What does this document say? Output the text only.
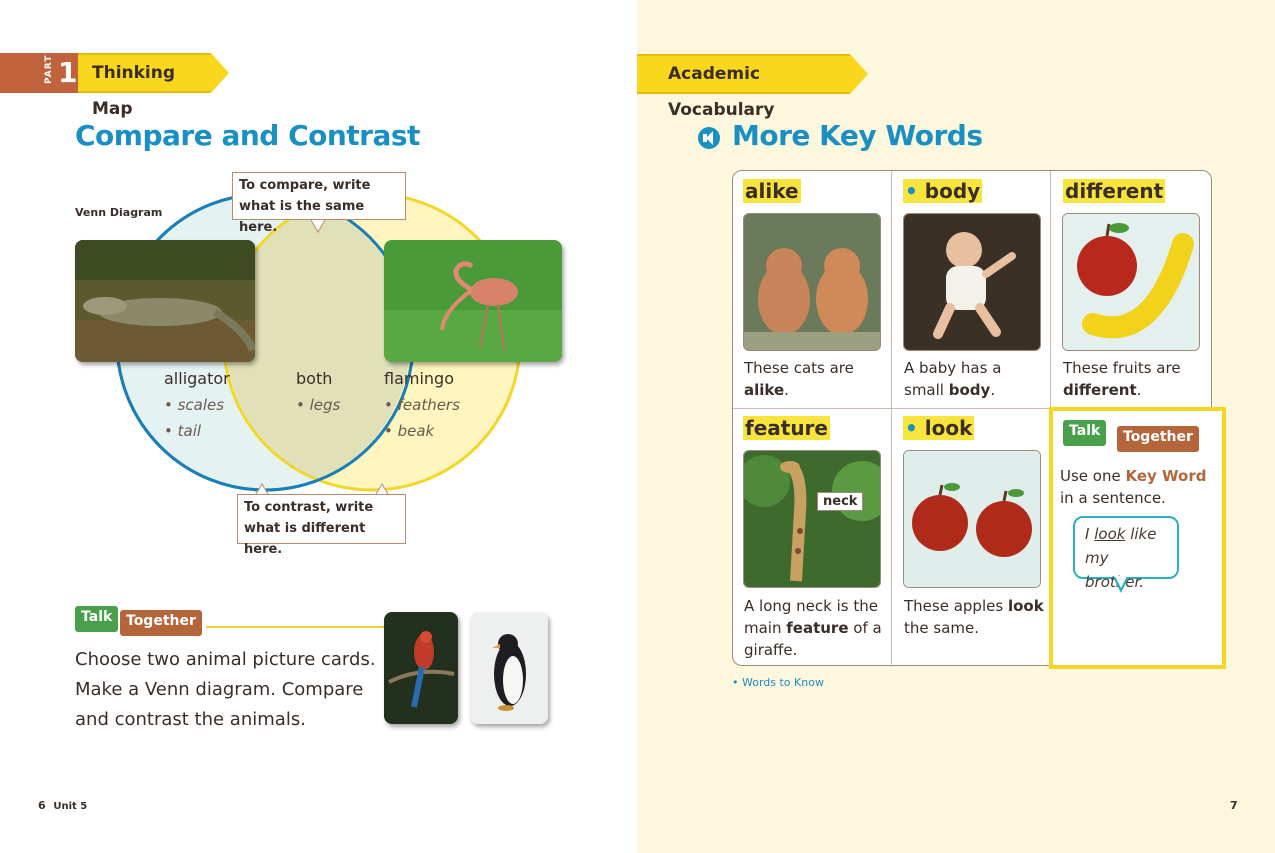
PART 1 Thinking Map
Compare and Contrast
Venn Diagram
To compare, write what is the same here.
To contrast, write what is different here.
alligator
• scales
• tail
both
• legs
flamingo
• feathers
• beak
Talk Together
Choose two animal picture cards.
Make a Venn diagram. Compare
and contrast the animals.
6 Unit 5
Academic Vocabulary
More Key Words
alike
These cats are alike.
• body
A baby has a small body.
different
These fruits are different.
feature
neck
A long neck is the main feature of a giraffe.
• look
These apples look the same.
Talk	Together
Use one Key Word
in a sentence.
I look like
my brother.
• Words to Know
7
